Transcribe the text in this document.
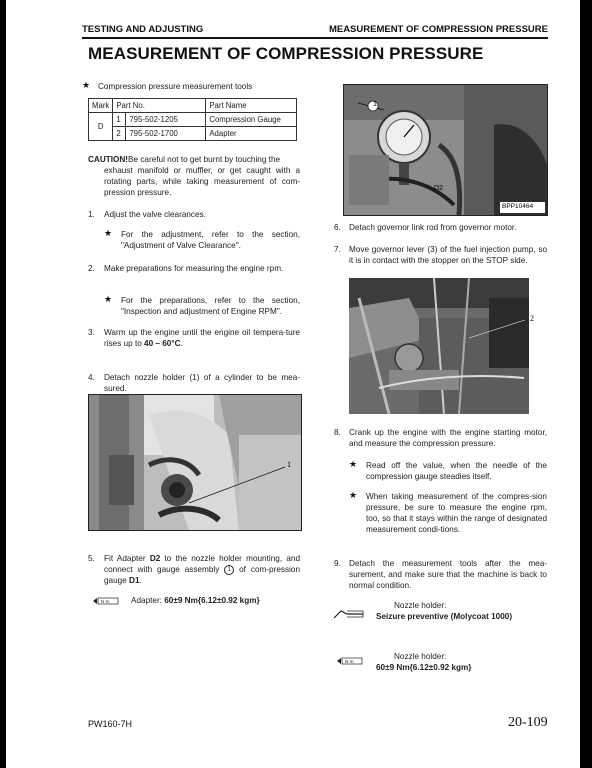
TESTING AND ADJUSTING	MEASUREMENT OF COMPRESSION PRESSURE
MEASUREMENT OF COMPRESSION PRESSURE
★ Compression pressure measurement tools
Mark	Part No.		Part Name
D	1	795-502-1205	Compression Gauge
	2	795-502-1700	Adapter
CAUTION!Be careful not to get burnt by touching the
exhaust manifold or muffler, or get caught with a rotating parts, while taking measurement of com-pression pressure.
1. Adjust the valve clearances.
★ For the adjustment, refer to the section, "Adjustment of Valve Clearance".
2. Make preparations for measuring the engine rpm.
★ For the preparations, refer to the section, "Inspection and adjustment of Engine RPM".
3. Warm up the engine until the engine oil tempera-ture rises up to 40 – 60°C.
4. Detach nozzle holder (1) of a cylinder to be mea-sured.
1
5. Fit Adapter D2 to the nozzle holder mounting, and connect with gauge assembly 1 of com-pression gauge D1.
N·m	Adapter: 60±9 Nm{6.12±0.92 kgm}
1
D2
BPP10464
6. Detach governor link rod from governor motor.
7. Move governor lever (3) of the fuel injection pump, so it is in contact with the stopper on the STOP side.
2
8. Crank up the engine with the engine starting motor, and measure the compression pressure.
★ Read off the value, when the needle of the compression gauge steadies itself.
★ When taking measurement of the compres-sion pressure, be sure to measure the engine rpm, too, so that it stays within the range of designated measurement condi-tions.
9. Detach the measurement tools after the mea-surement, and make sure that the machine is back to normal condition.
Nozzle holder:
Seizure preventive (Molycoat 1000)
N·m
Nozzle holder:
60±9 Nm{6.12±0.92 kgm}
PW160-7H	20-109
